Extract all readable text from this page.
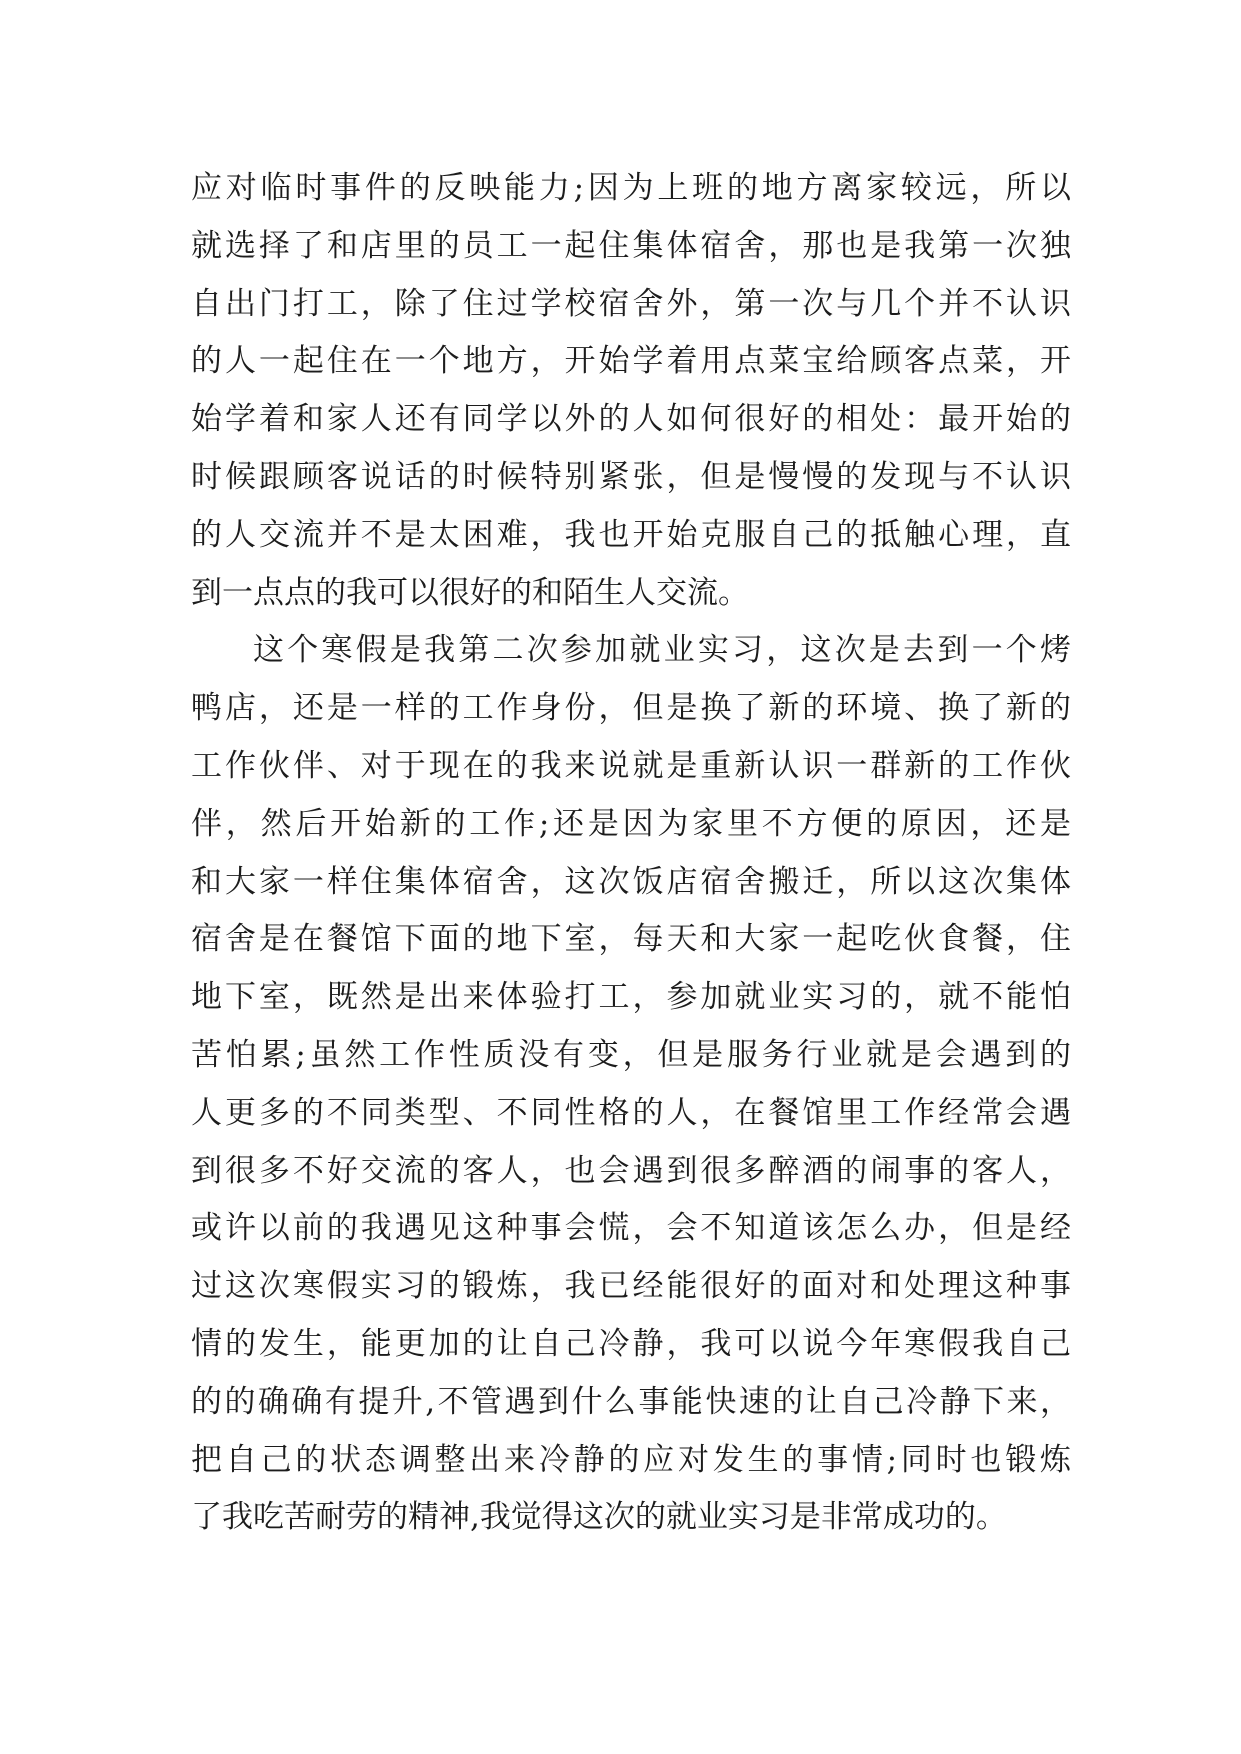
应对临时事件的反映能力;因为上班的地方离家较远，所以
就选择了和店里的员工一起住集体宿舍，那也是我第一次独
自出门打工，除了住过学校宿舍外，第一次与几个并不认识
的人一起住在一个地方，开始学着用点菜宝给顾客点菜，开
始学着和家人还有同学以外的人如何很好的相处：最开始的
时候跟顾客说话的时候特别紧张，但是慢慢的发现与不认识
的人交流并不是太困难，我也开始克服自己的抵触心理，直
到一点点的我可以很好的和陌生人交流。
这个寒假是我第二次参加就业实习，这次是去到一个烤
鸭店，还是一样的工作身份，但是换了新的环境、换了新的
工作伙伴、对于现在的我来说就是重新认识一群新的工作伙
伴，然后开始新的工作;还是因为家里不方便的原因，还是
和大家一样住集体宿舍，这次饭店宿舍搬迁，所以这次集体
宿舍是在餐馆下面的地下室，每天和大家一起吃伙食餐，住
地下室，既然是出来体验打工，参加就业实习的，就不能怕
苦怕累;虽然工作性质没有变，但是服务行业就是会遇到的
人更多的不同类型、不同性格的人，在餐馆里工作经常会遇
到很多不好交流的客人，也会遇到很多醉酒的闹事的客人，
或许以前的我遇见这种事会慌，会不知道该怎么办，但是经
过这次寒假实习的锻炼，我已经能很好的面对和处理这种事
情的发生，能更加的让自己冷静，我可以说今年寒假我自己
的的确确有提升,不管遇到什么事能快速的让自己冷静下来，
把自己的状态调整出来冷静的应对发生的事情;同时也锻炼
了我吃苦耐劳的精神,我觉得这次的就业实习是非常成功的。
